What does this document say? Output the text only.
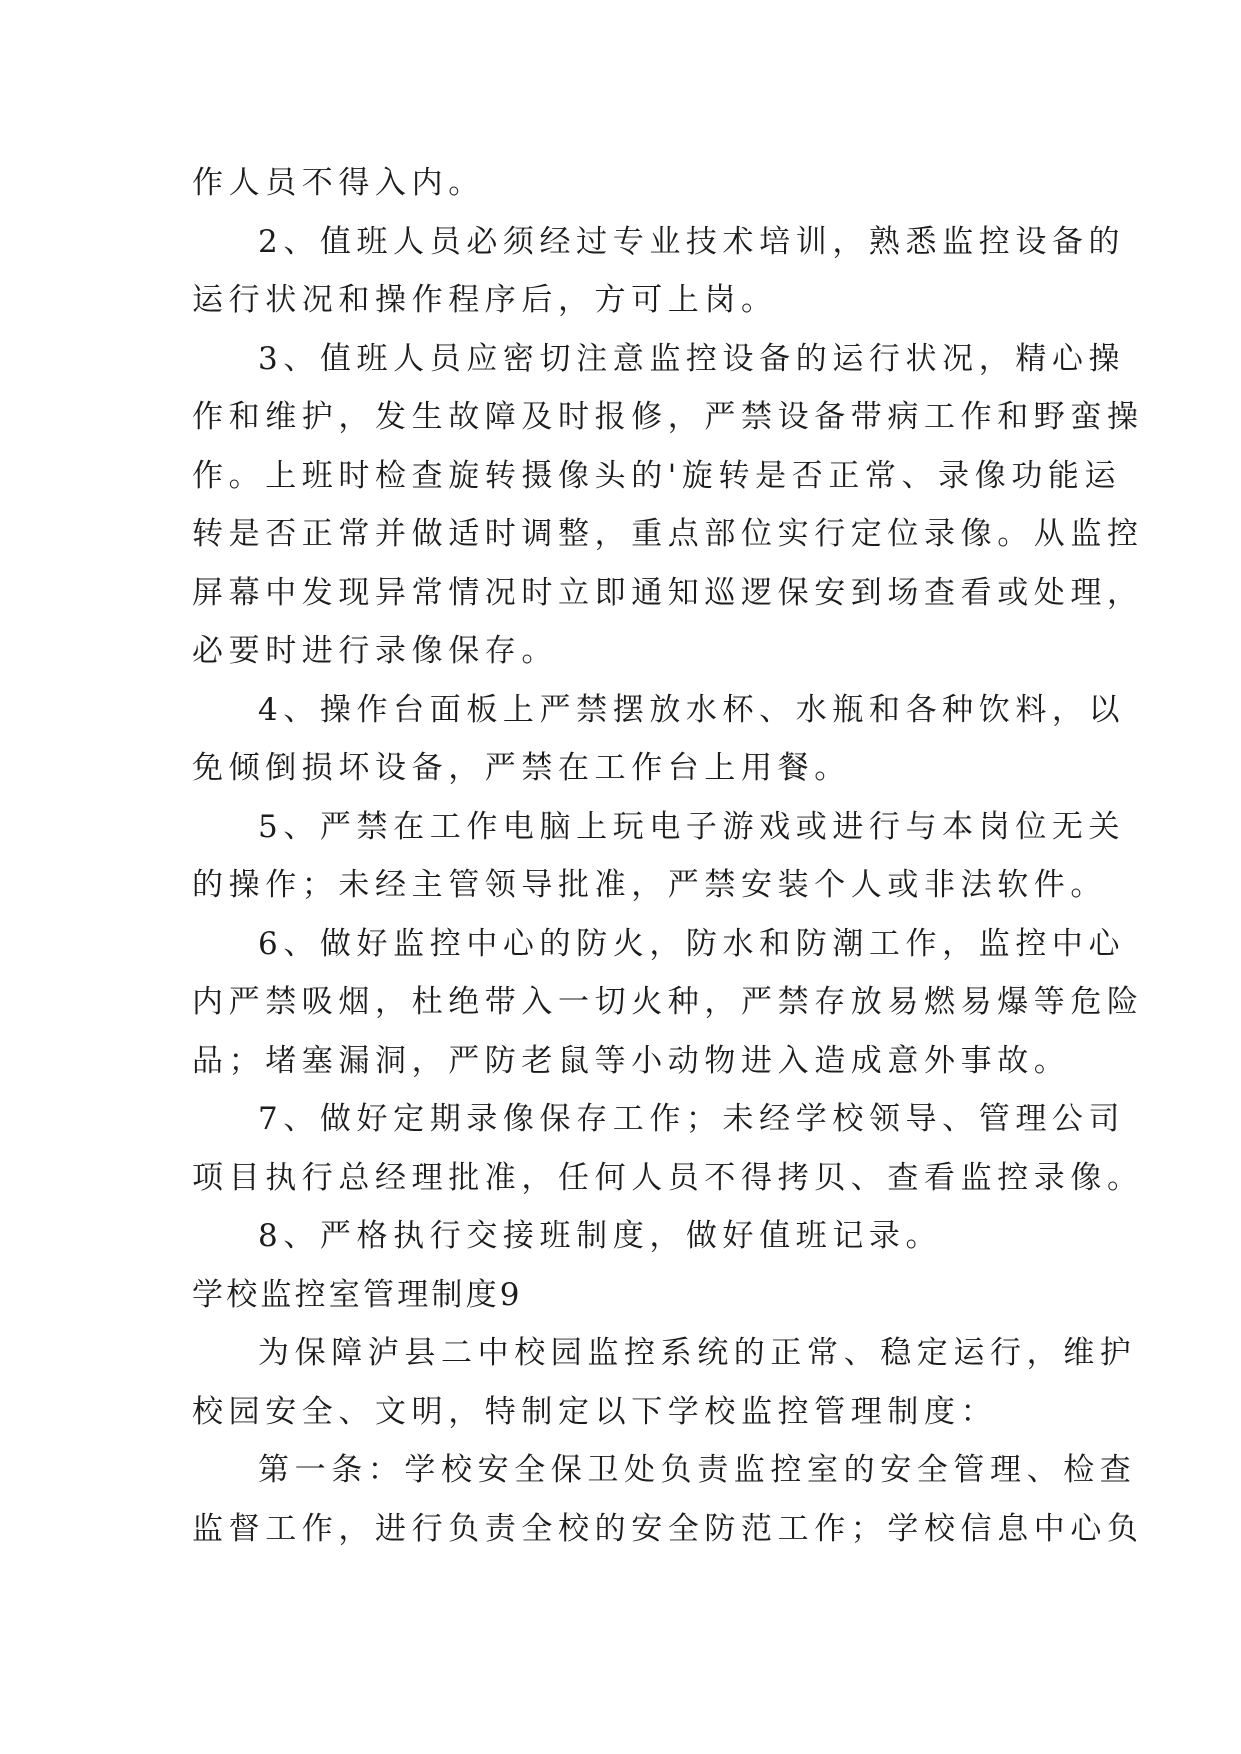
作人员不得入内。
2、值班人员必须经过专业技术培训，熟悉监控设备的
运行状况和操作程序后，方可上岗。
3、值班人员应密切注意监控设备的运行状况，精心操
作和维护，发生故障及时报修，严禁设备带病工作和野蛮操
作。上班时检查旋转摄像头的'旋转是否正常、录像功能运
转是否正常并做适时调整，重点部位实行定位录像。从监控
屏幕中发现异常情况时立即通知巡逻保安到场查看或处理，
必要时进行录像保存。
4、操作台面板上严禁摆放水杯、水瓶和各种饮料，以
免倾倒损坏设备，严禁在工作台上用餐。
5、严禁在工作电脑上玩电子游戏或进行与本岗位无关
的操作；未经主管领导批准，严禁安装个人或非法软件。
6、做好监控中心的防火，防水和防潮工作，监控中心
内严禁吸烟，杜绝带入一切火种，严禁存放易燃易爆等危险
品；堵塞漏洞，严防老鼠等小动物进入造成意外事故。
7、做好定期录像保存工作；未经学校领导、管理公司
项目执行总经理批准，任何人员不得拷贝、查看监控录像。
8、严格执行交接班制度，做好值班记录。
学校监控室管理制度9
为保障泸县二中校园监控系统的正常、稳定运行，维护
校园安全、文明，特制定以下学校监控管理制度：
第一条：学校安全保卫处负责监控室的安全管理、检查
监督工作，进行负责全校的安全防范工作；学校信息中心负
